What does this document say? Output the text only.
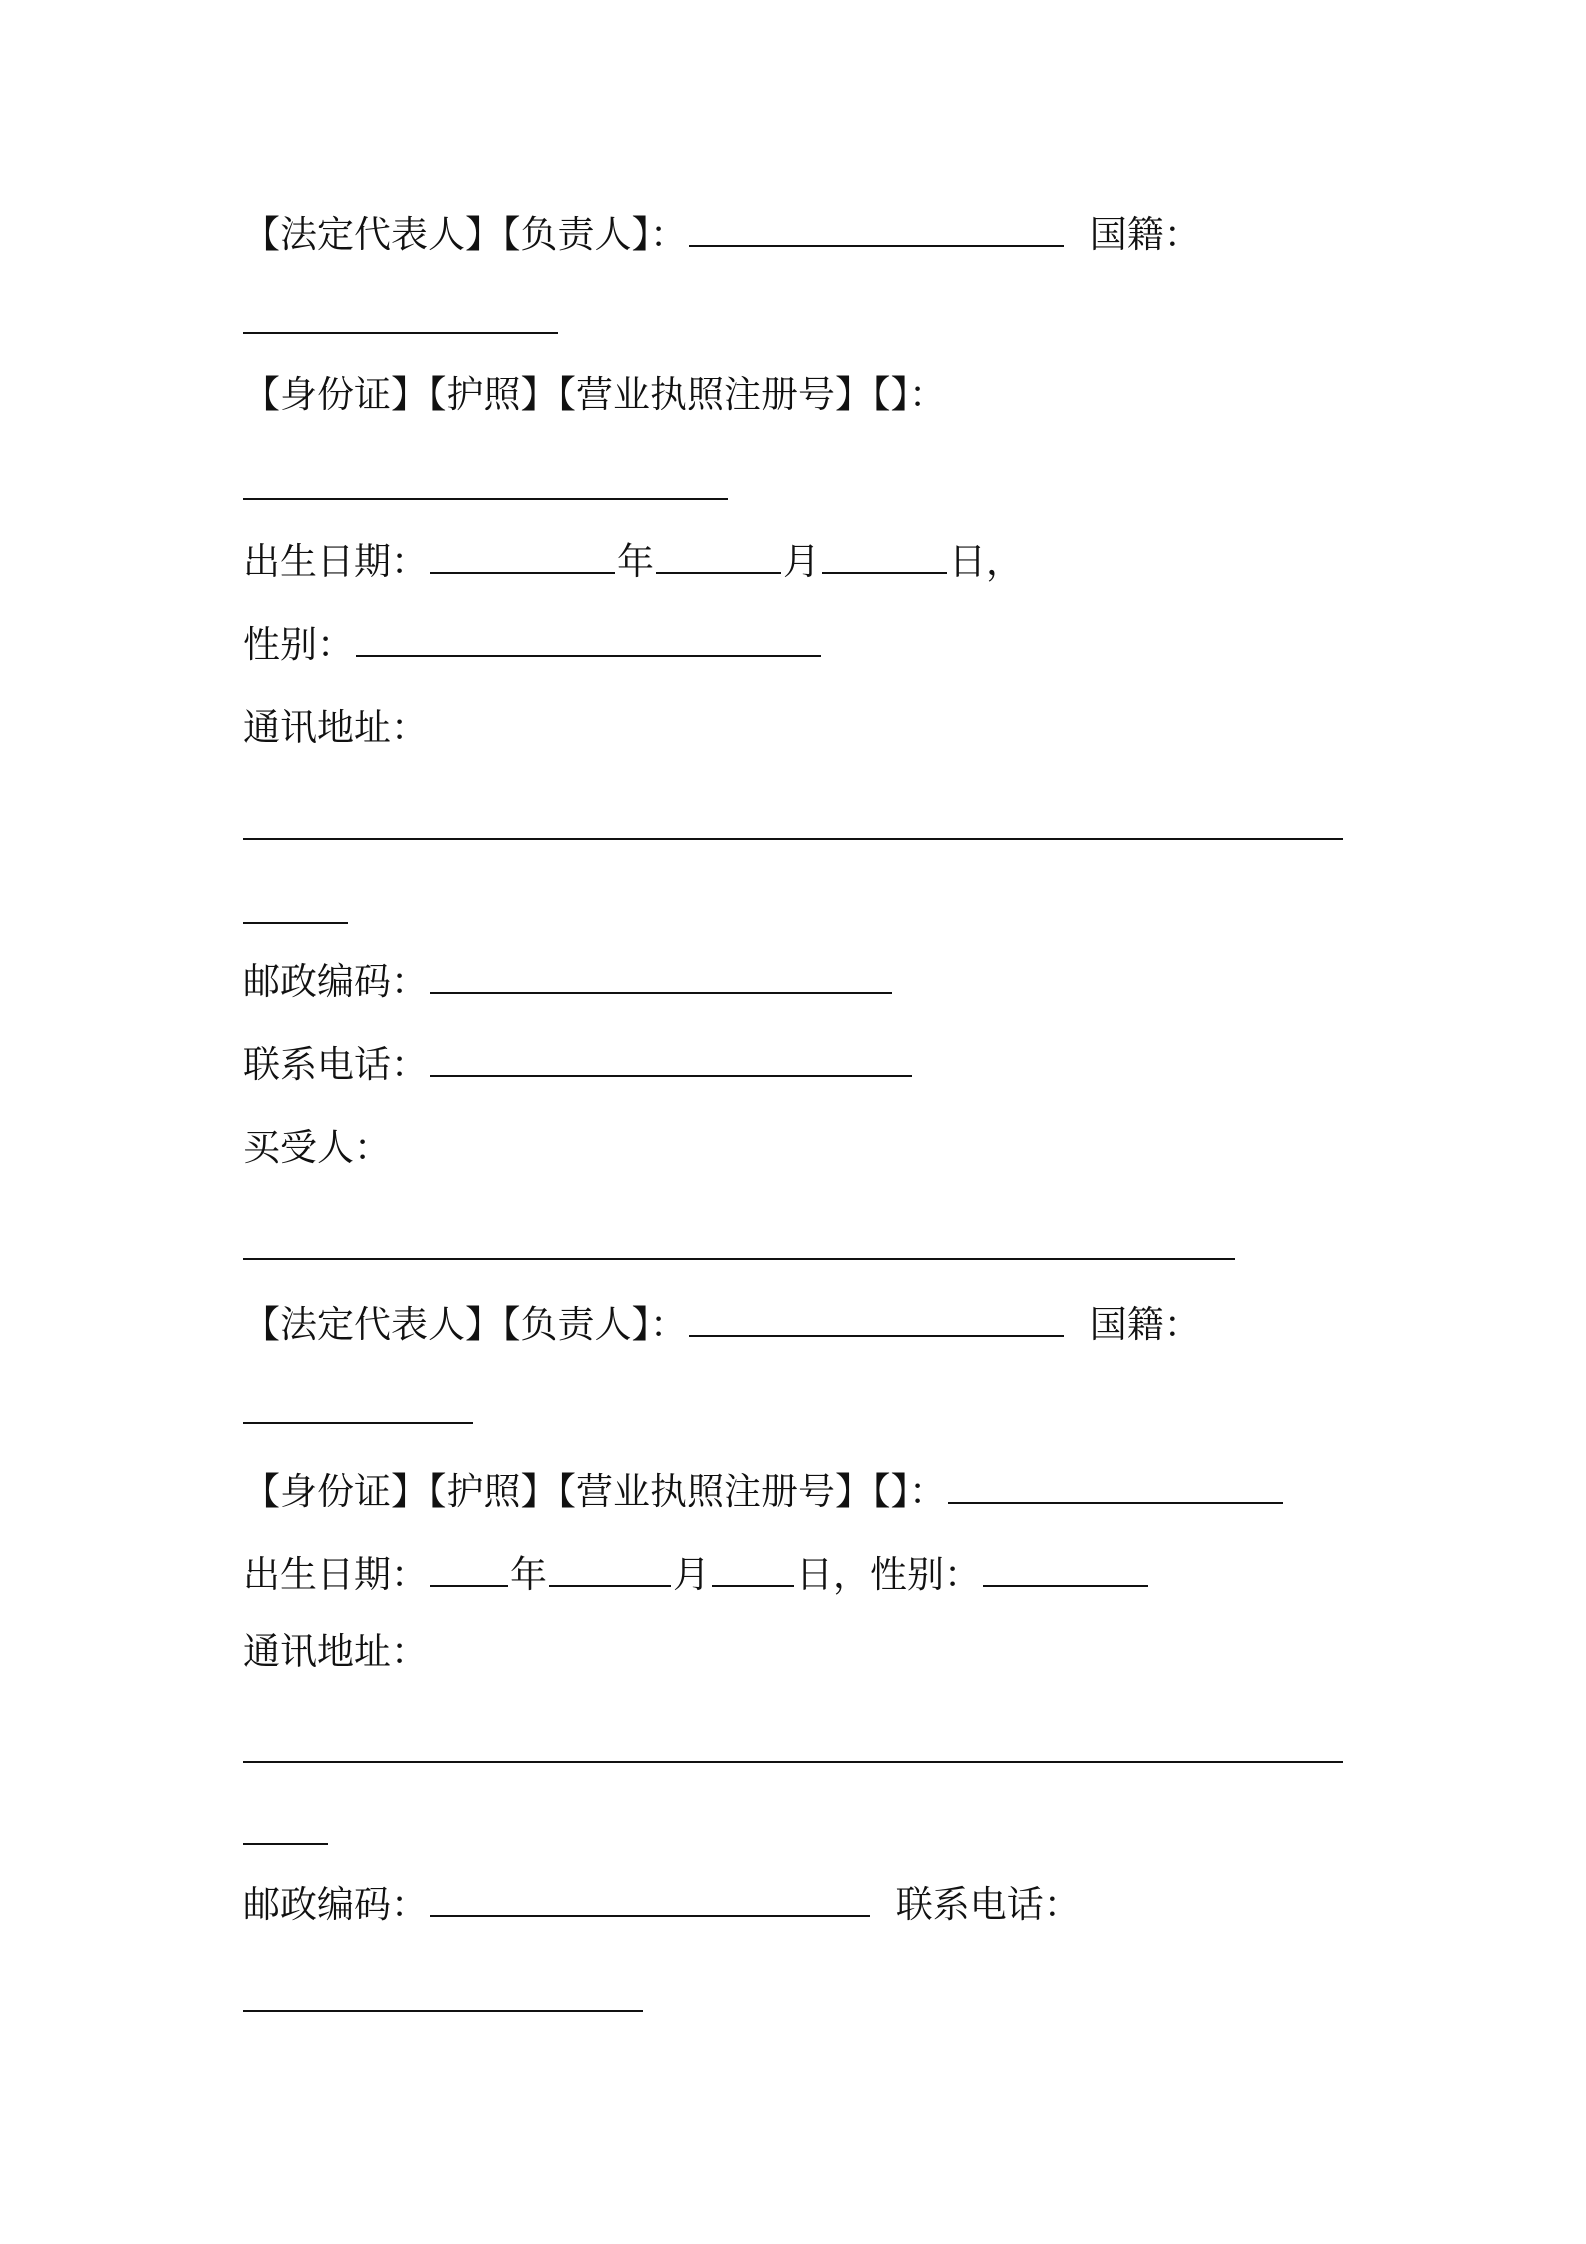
【法定代表人】【负责人】：	国籍：
【身份证】【护照】【营业执照注册号】【】：
出生日期：	年	月	日，
性别：
通讯地址：
邮政编码：
联系电话：
买受人：
【法定代表人】【负责人】：	国籍：
【身份证】【护照】【营业执照注册号】【】：
出生日期： 年	月 日，性别：
通讯地址：
邮政编码：	联系电话：
